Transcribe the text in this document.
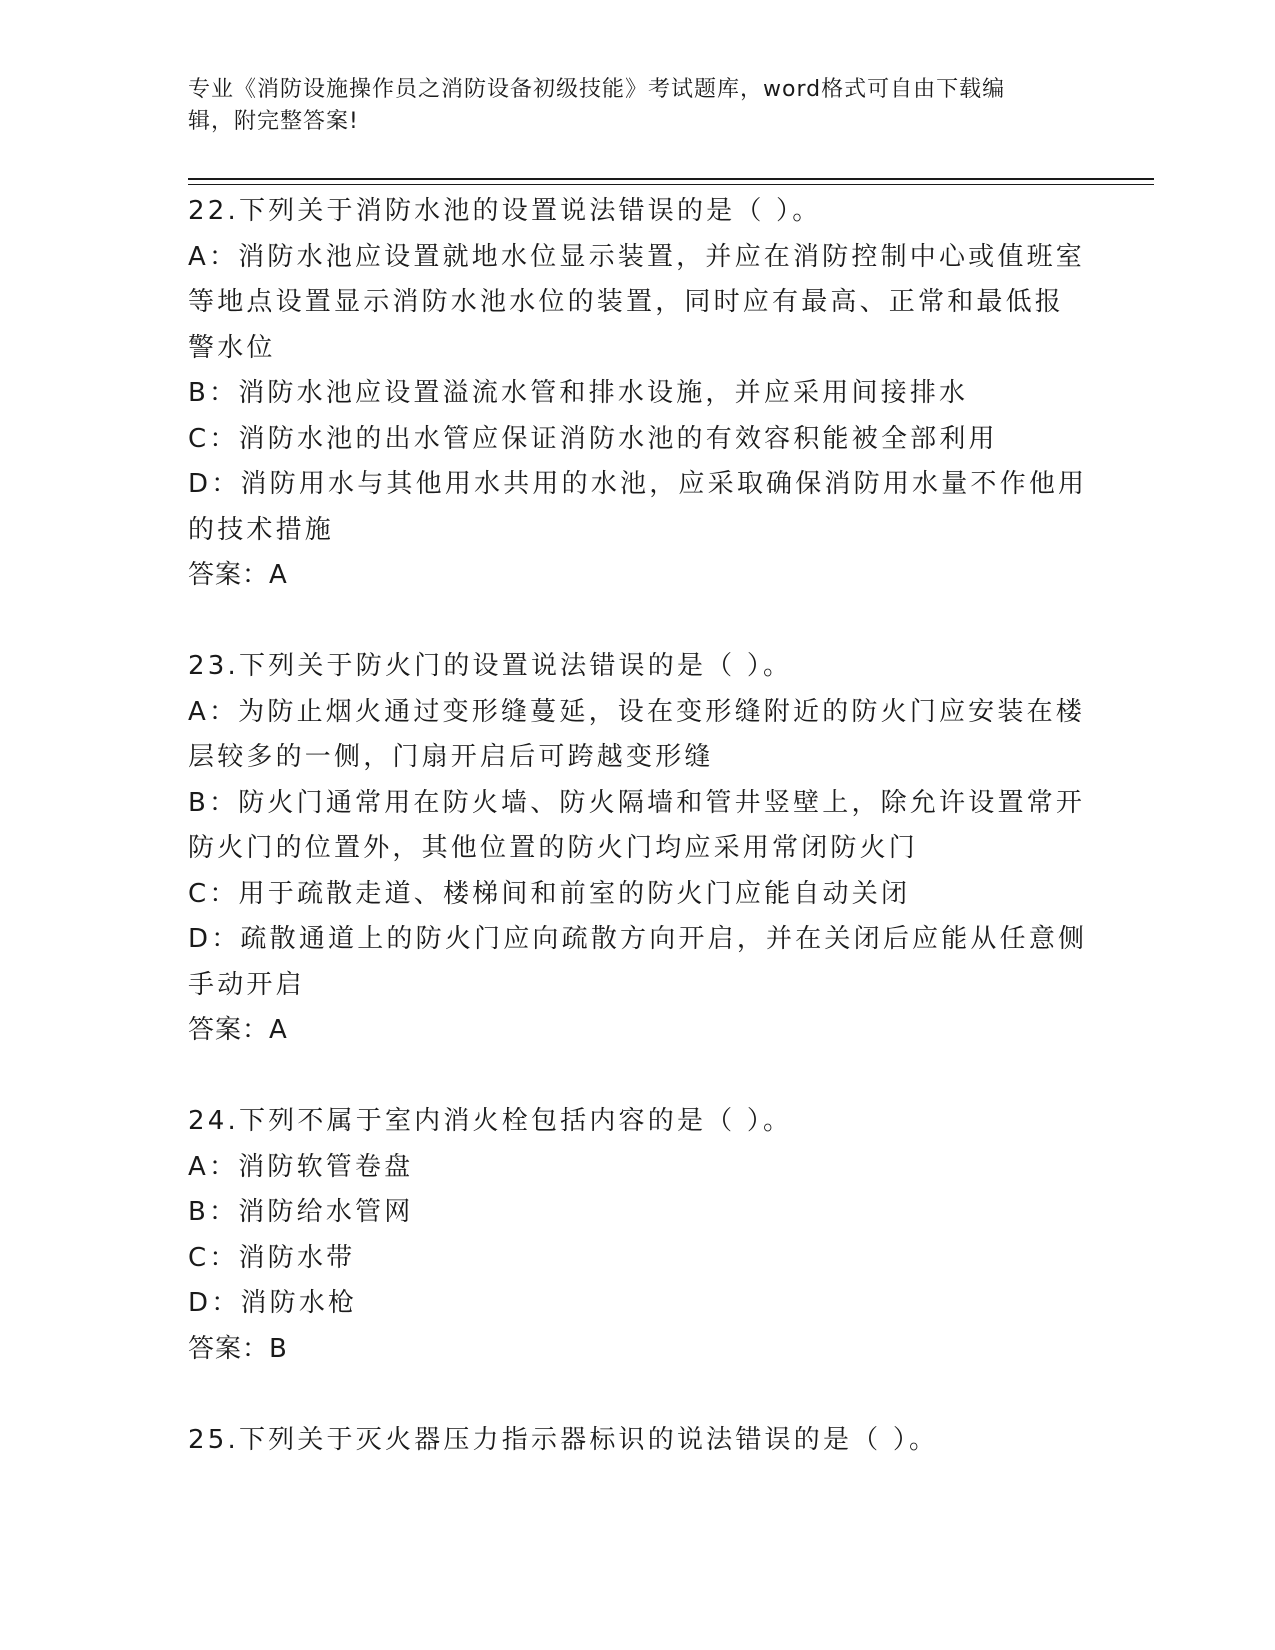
专业《消防设施操作员之消防设备初级技能》考试题库，word格式可自由下载编

辑，附完整答案!

22.下列关于消防水池的设置说法错误的是（ ）。

A：消防水池应设置就地水位显示装置，并应在消防控制中心或值班室

等地点设置显示消防水池水位的装置，同时应有最高、正常和最低报

警水位

B：消防水池应设置溢流水管和排水设施，并应采用间接排水

C：消防水池的出水管应保证消防水池的有效容积能被全部利用

D：消防用水与其他用水共用的水池，应采取确保消防用水量不作他用

的技术措施

答案：A

23.下列关于防火门的设置说法错误的是（ ）。

A：为防止烟火通过变形缝蔓延，设在变形缝附近的防火门应安装在楼

层较多的一侧，门扇开启后可跨越变形缝

B：防火门通常用在防火墙、防火隔墙和管井竖壁上，除允许设置常开

防火门的位置外，其他位置的防火门均应采用常闭防火门

C：用于疏散走道、楼梯间和前室的防火门应能自动关闭

D：疏散通道上的防火门应向疏散方向开启，并在关闭后应能从任意侧

手动开启

答案：A

24.下列不属于室内消火栓包括内容的是（ ）。

A：消防软管卷盘

B：消防给水管网

C：消防水带

D：消防水枪

答案：B

25.下列关于灭火器压力指示器标识的说法错误的是（ ）。
